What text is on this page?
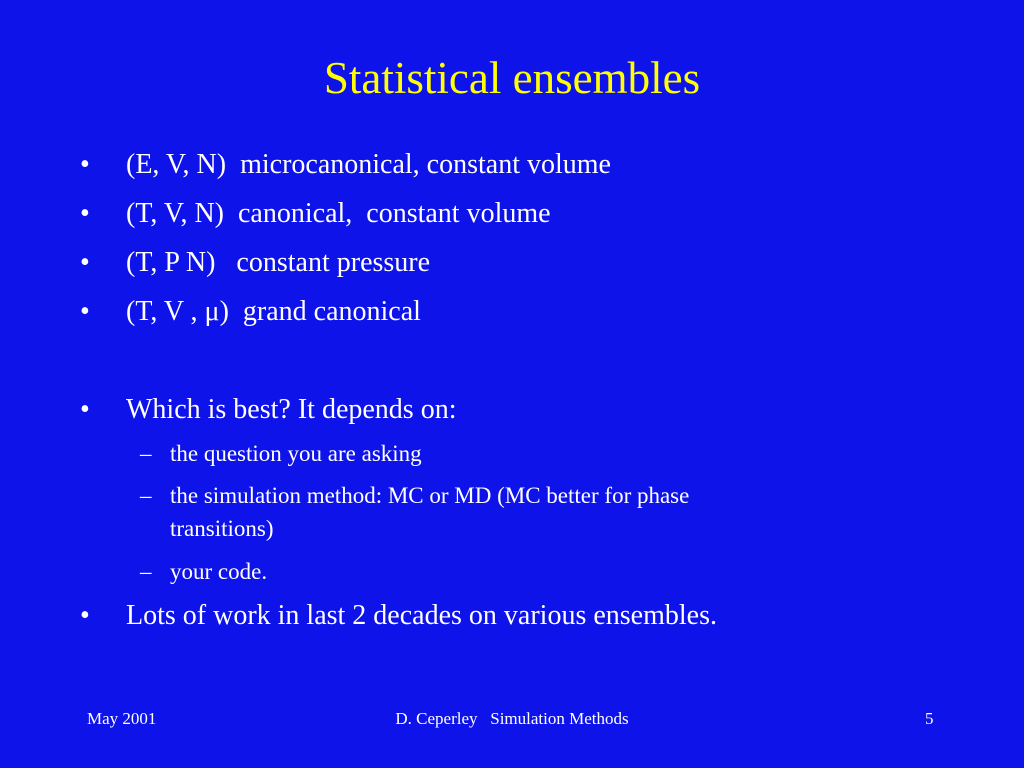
Statistical ensembles
•	(E, V, N)  microcanonical, constant volume
•	(T, V, N)  canonical,  constant volume
•	(T, P N)   constant pressure
•	(T, V , μ)  grand canonical
•	Which is best? It depends on:
– the question you are asking
– the simulation method: MC or MD (MC better for phase
transitions)
– your code.
•	Lots of work in last 2 decades on various ensembles.
May 2001	D. Ceperley   Simulation Methods	5
